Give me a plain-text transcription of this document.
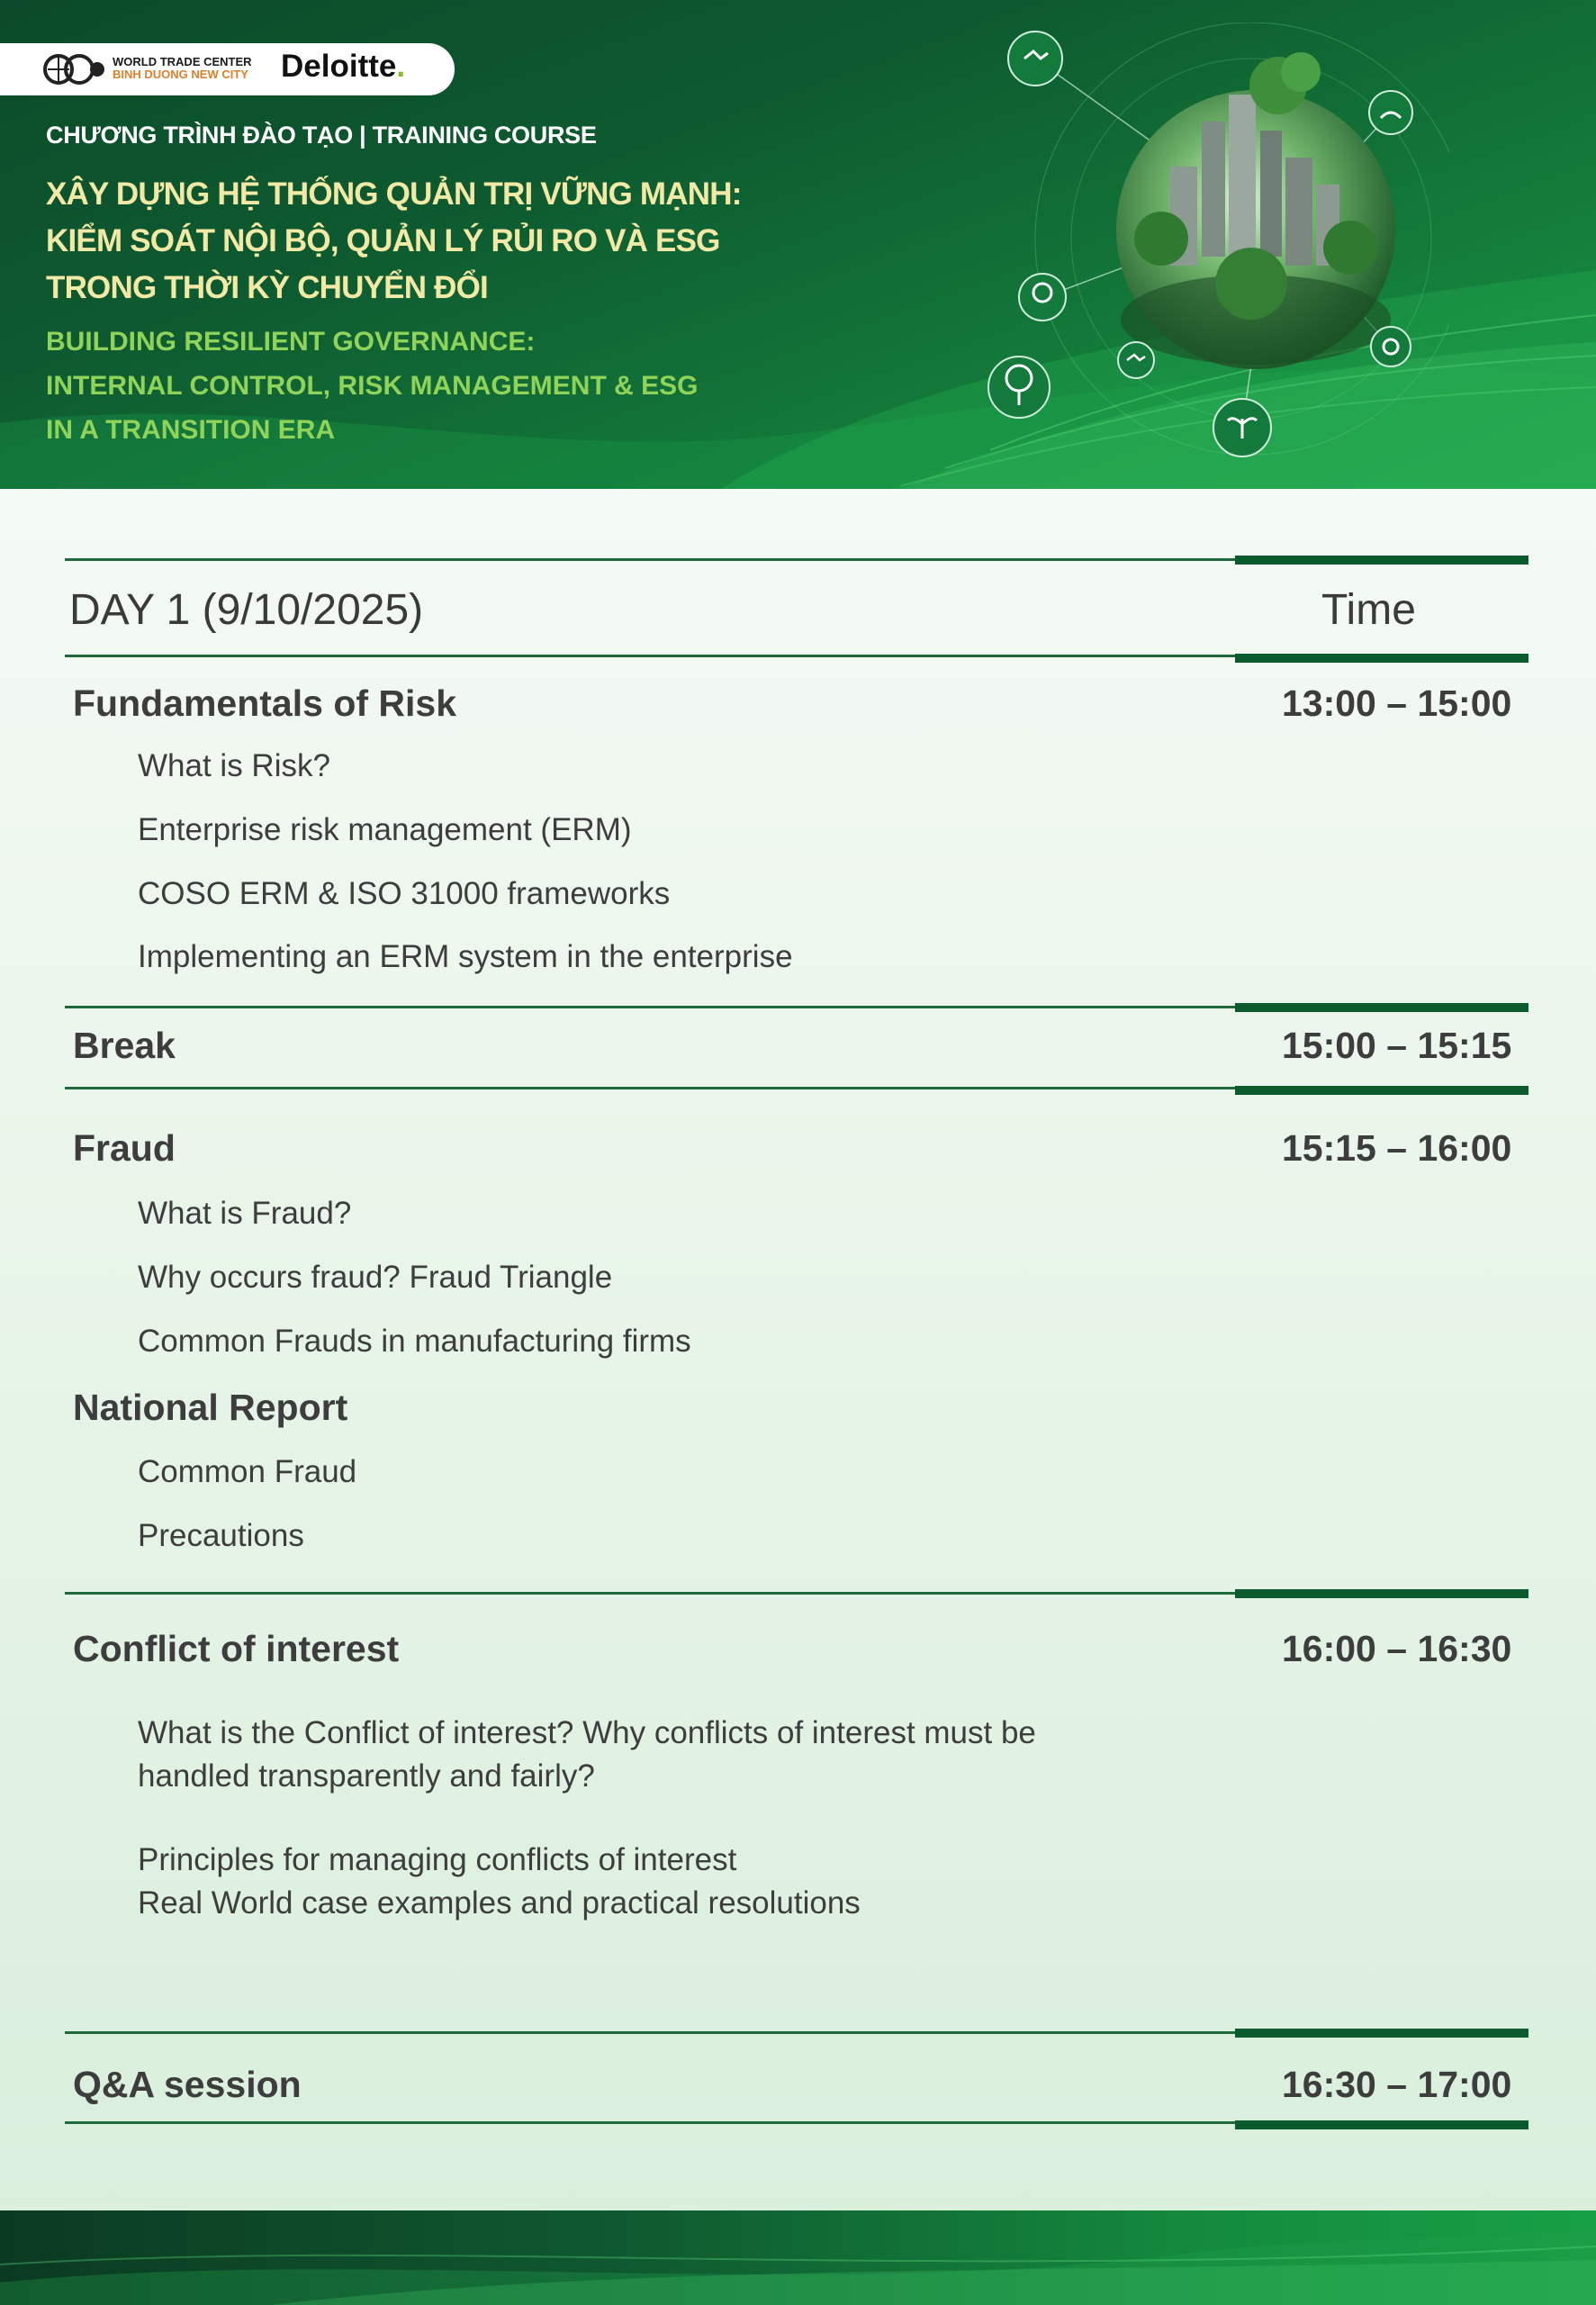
WORLD TRADE CENTER
BINH DUONG NEW CITY Deloitte.
CHƯƠNG TRÌNH ĐÀO TẠO | TRAINING COURSE
XÂY DỰNG HỆ THỐNG QUẢN TRỊ VỮNG MẠNH:
KIỂM SOÁT NỘI BỘ, QUẢN LÝ RỦI RO VÀ ESG
TRONG THỜI KỲ CHUYỂN ĐỔI
BUILDING RESILIENT GOVERNANCE:
INTERNAL CONTROL, RISK MANAGEMENT & ESG
IN A TRANSITION ERA
DAY 1 (9/10/2025)	Time
Fundamentals of Risk	13:00 – 15:00
What is Risk?
Enterprise risk management (ERM)
COSO ERM & ISO 31000 frameworks
Implementing an ERM system in the enterprise
Break	15:00 – 15:15
Fraud	15:15 – 16:00
What is Fraud?
Why occurs fraud? Fraud Triangle
Common Frauds in manufacturing firms
National Report
Common Fraud
Precautions
Conflict of interest	16:00 – 16:30
What is the Conflict of interest? Why conflicts of interest must be
handled transparently and fairly?
Principles for managing conflicts of interest
Real World case examples and practical resolutions
Q&A session	16:30 – 17:00
